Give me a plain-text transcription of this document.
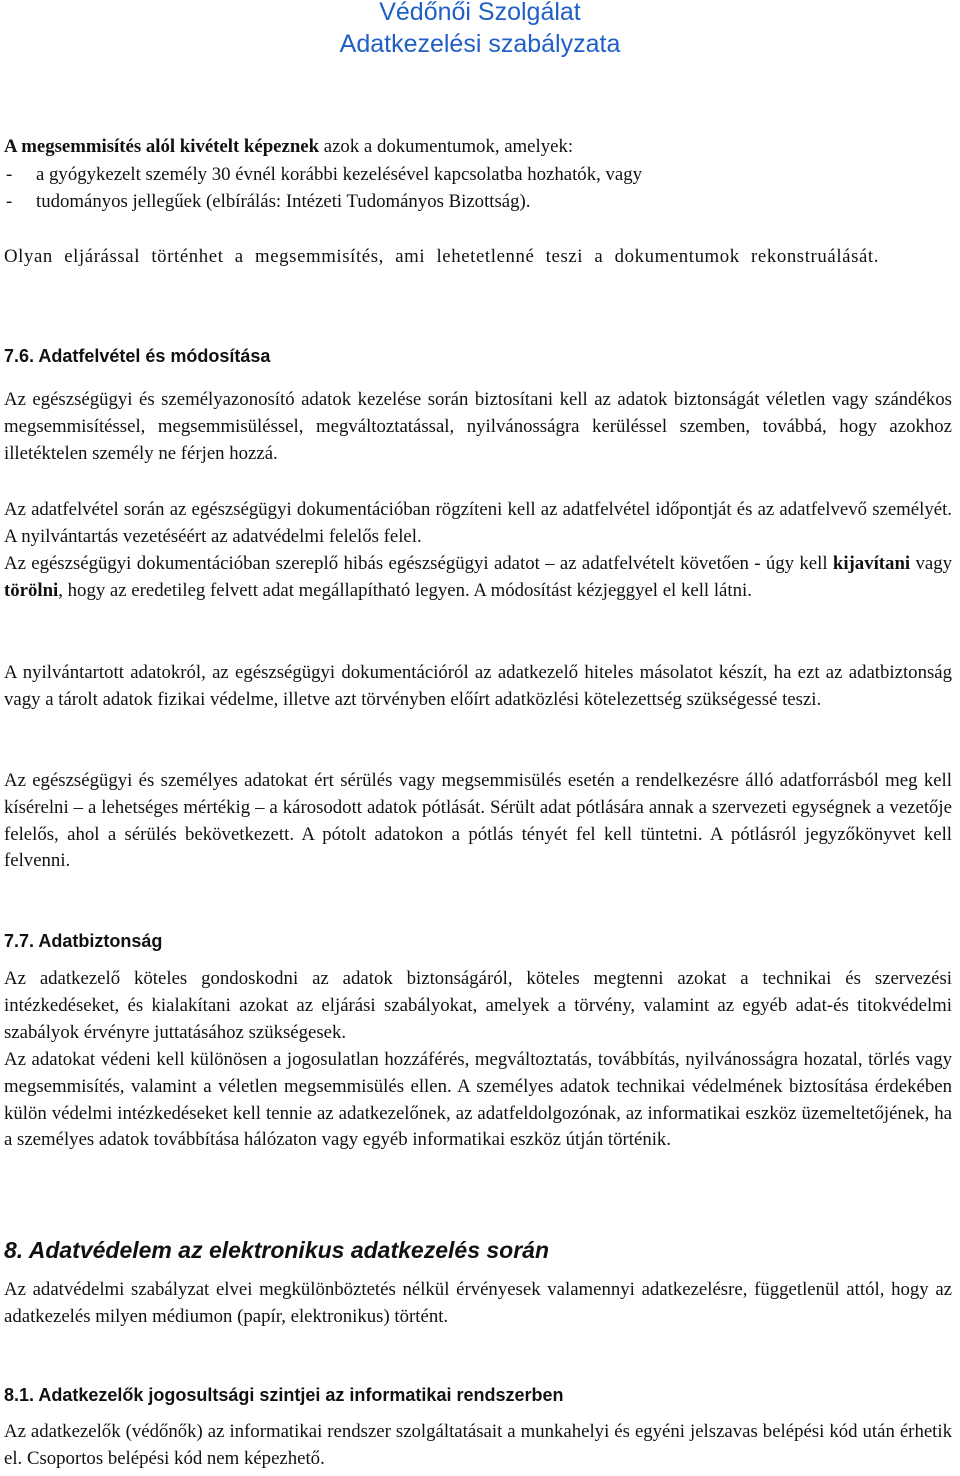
Védőnői Szolgálat
Adatkezelési szabályzata

A megsemmisítés alól kivételt képeznek azok a dokumentumok, amelyek:

-	a gyógykezelt személy 30 évnél korábbi kezelésével kapcsolatba hozhatók, vagy
-	tudományos jellegűek (elbírálás: Intézeti Tudományos Bizottság).

Olyan eljárással történhet a megsemmisítés, ami lehetetlenné teszi a dokumentumok rekonstruálását.

7.6. Adatfelvétel és módosítása

Az egészségügyi és személyazonosító adatok kezelése során biztosítani kell az adatok biztonságát véletlen vagy szándékos megsemmisítéssel, megsemmisüléssel, megváltoztatással, nyilvánosságra kerüléssel szemben, továbbá, hogy azokhoz illetéktelen személy ne férjen hozzá.

Az adatfelvétel során az egészségügyi dokumentációban rögzíteni kell az adatfelvétel időpontját és az adatfelvevő személyét. A nyilvántartás vezetéséért az adatvédelmi felelős felel.

Az egészségügyi dokumentációban szereplő hibás egészségügyi adatot – az adatfelvételt követően - úgy kell kijavítani vagy törölni, hogy az eredetileg felvett adat megállapítható legyen. A módosítást kézjeggyel el kell látni.

A nyilvántartott adatokról, az egészségügyi dokumentációról az adatkezelő hiteles másolatot készít, ha ezt az adatbiztonság vagy a tárolt adatok fizikai védelme, illetve azt törvényben előírt adatközlési kötelezettség szükségessé teszi.

Az egészségügyi és személyes adatokat ért sérülés vagy megsemmisülés esetén a rendelkezésre álló adatforrásból meg kell kísérelni – a lehetséges mértékig – a károsodott adatok pótlását. Sérült adat pótlására annak a szervezeti egységnek a vezetője felelős, ahol a sérülés bekövetkezett. A pótolt adatokon a pótlás tényét fel kell tüntetni. A pótlásról jegyzőkönyvet kell felvenni.

7.7. Adatbiztonság

Az adatkezelő köteles gondoskodni az adatok biztonságáról, köteles megtenni azokat a technikai és szervezési intézkedéseket, és kialakítani azokat az eljárási szabályokat, amelyek a törvény, valamint az egyéb adat-és titokvédelmi szabályok érvényre juttatásához szükségesek.

Az adatokat védeni kell különösen a jogosulatlan hozzáférés, megváltoztatás, továbbítás, nyilvánosságra hozatal, törlés vagy megsemmisítés, valamint a véletlen megsemmisülés ellen. A személyes adatok technikai védelmének biztosítása érdekében külön védelmi intézkedéseket kell tennie az adatkezelőnek, az adatfeldolgozónak, az informatikai eszköz üzemeltetőjének, ha a személyes adatok továbbítása hálózaton vagy egyéb informatikai eszköz útján történik.

8. Adatvédelem az elektronikus adatkezelés során

Az adatvédelmi szabályzat elvei megkülönböztetés nélkül érvényesek valamennyi adatkezelésre, függetlenül attól, hogy az adatkezelés milyen médiumon (papír, elektronikus) történt.

8.1. Adatkezelők jogosultsági szintjei az informatikai rendszerben

Az adatkezelők (védőnők) az informatikai rendszer szolgáltatásait a munkahelyi és egyéni jelszavas belépési kód után érhetik el. Csoportos belépési kód nem képezhető.
